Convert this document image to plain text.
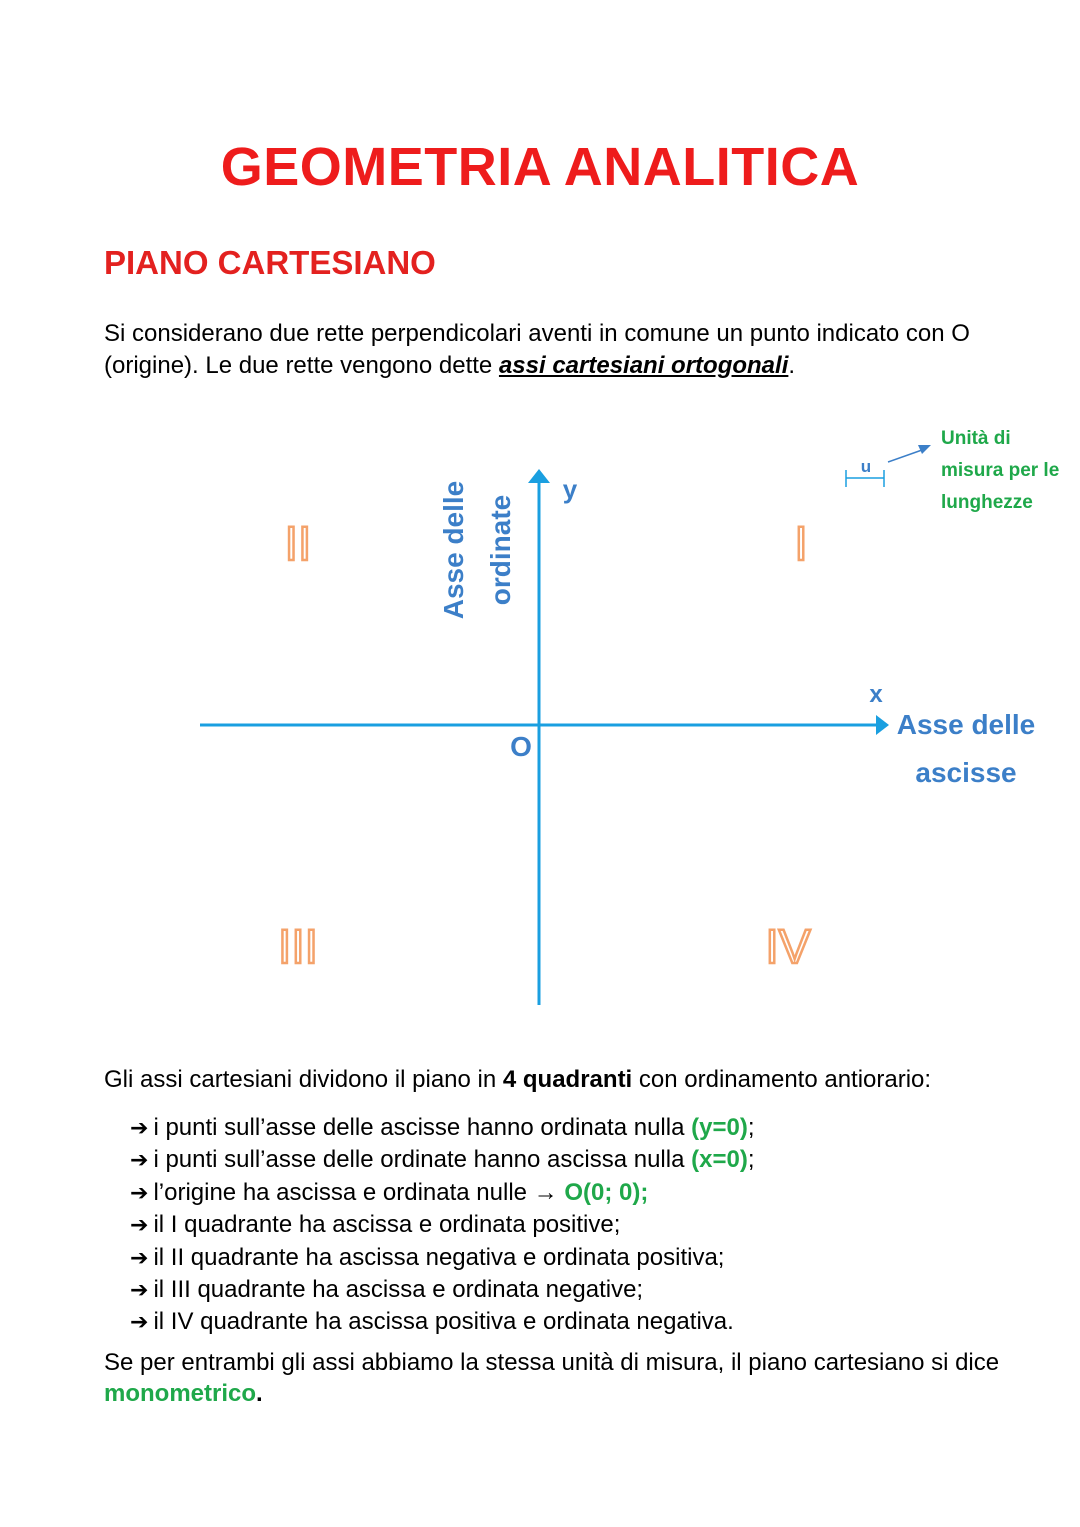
GEOMETRIA ANALITICA
PIANO CARTESIANO
Si considerano due rette perpendicolari aventi in comune un punto indicato con O (origine). Le due rette vengono dette assi cartesiani ortogonali.
y
x
O
Asse delle ordinate
Asse delle
ascisse
II	I
III	IV
u
Unità di
misura per le
lunghezze
Gli assi cartesiani dividono il piano in 4 quadranti con ordinamento antiorario:
➔ i punti sull’asse delle ascisse hanno ordinata nulla (y=0);
➔ i punti sull’asse delle ordinate hanno ascissa nulla (x=0);
➔ l’origine ha ascissa e ordinata nulle → O(0; 0);
➔ il I quadrante ha ascissa e ordinata positive;
➔ il II quadrante ha ascissa negativa e ordinata positiva;
➔ il III quadrante ha ascissa e ordinata negative;
➔ il IV quadrante ha ascissa positiva e ordinata negativa.
Se per entrambi gli assi abbiamo la stessa unità di misura, il piano cartesiano si dice monometrico.
